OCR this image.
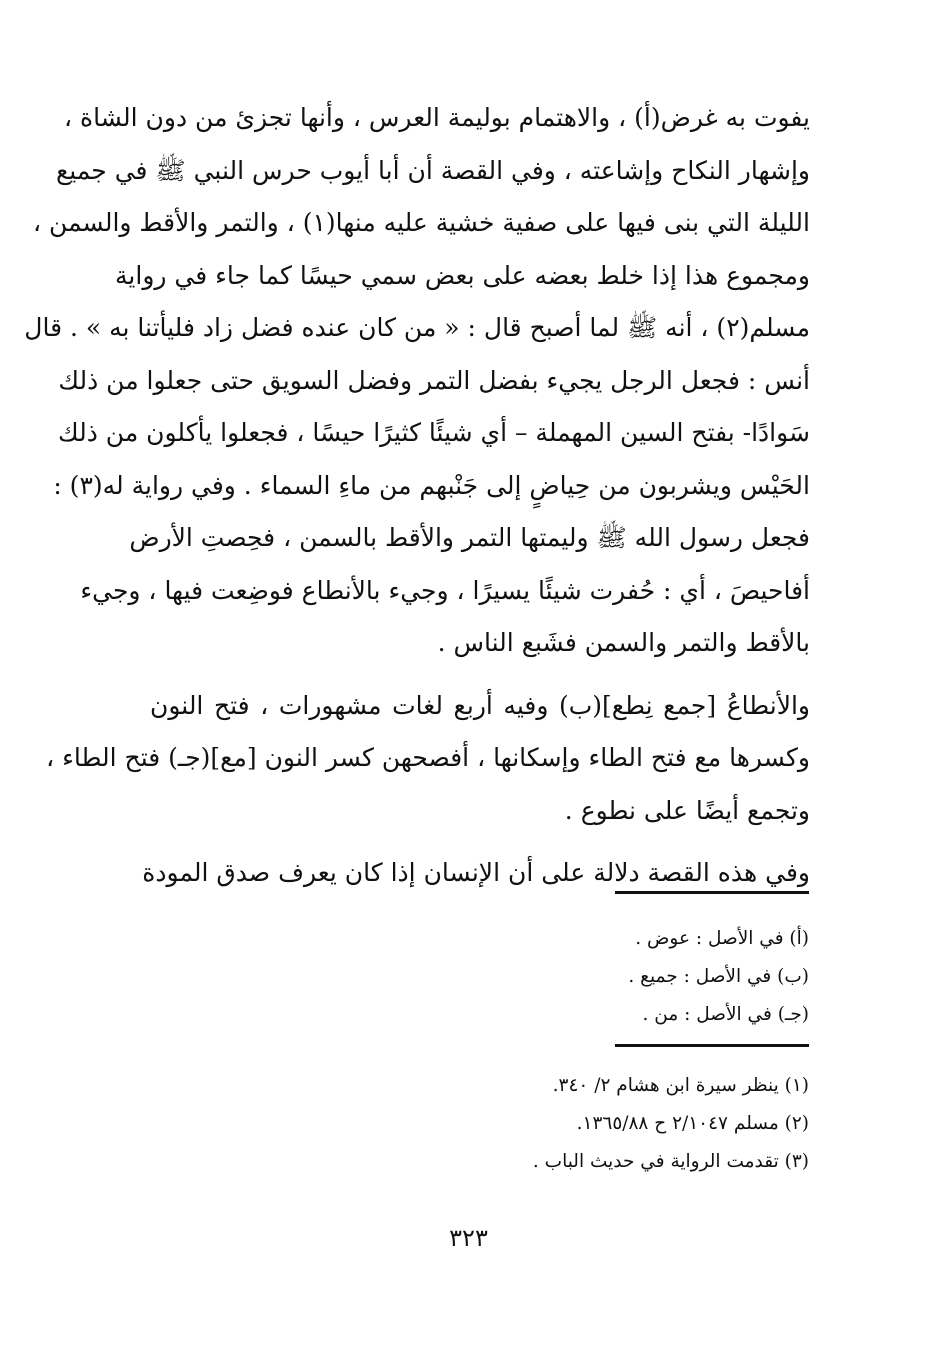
يفوت به غرض(أ) ، والاهتمام بوليمة العرس ، وأنها تجزئ من دون الشاة ،
وإشهار النكاح وإشاعته ، وفي القصة أن أبا أيوب حرس النبي ﷺ في جميع
الليلة التي بنى فيها على صفية خشية عليه منها(١) ، والتمر والأقط والسمن ،
ومجموع هذا إذا خلط بعضه على بعض سمي حيسًا كما جاء في رواية
مسلم(٢) ، أنه ﷺ لما أصبح قال : « من كان عنده فضل زاد فليأتنا به » . قال
أنس : فجعل الرجل يجيء بفضل التمر وفضل السويق حتى جعلوا من ذلك
سَوادًا- بفتح السين المهملة – أي شيئًا كثيرًا حيسًا ، فجعلوا يأكلون من ذلك
الحَيْس ويشربون من حِياضٍ إلى جَنْبهم من ماءِ السماء . وفي رواية له(٣) :
فجعل رسول الله ﷺ وليمتها التمر والأقط بالسمن ، فحِصتِ الأرض
أفاحيصَ ، أي : حُفرت شيئًا يسيرًا ، وجيء بالأنطاع فوضِعت فيها ، وجيء
بالأقط والتمر والسمن فشَبع الناس .
والأنطاعُ [جمع نِطع](ب) وفيه أربع لغات مشهورات ، فتح النون
وكسرها مع فتح الطاء وإسكانها ، أفصحهن كسر النون [مع](جـ) فتح الطاء ،
وتجمع أيضًا على نطوع .
وفي هذه القصة دلالة على أن الإنسان إذا كان يعرف صدق المودة
(أ) في الأصل : عوض .
(ب) في الأصل : جميع .
(جـ) في الأصل : من .
(١) ينظر سيرة ابن هشام ٢/ ٣٤٠.
(٢) مسلم ٢/١٠٤٧ ح ١٣٦٥/٨٨.
(٣) تقدمت الرواية في حديث الباب .
٣٢٣
